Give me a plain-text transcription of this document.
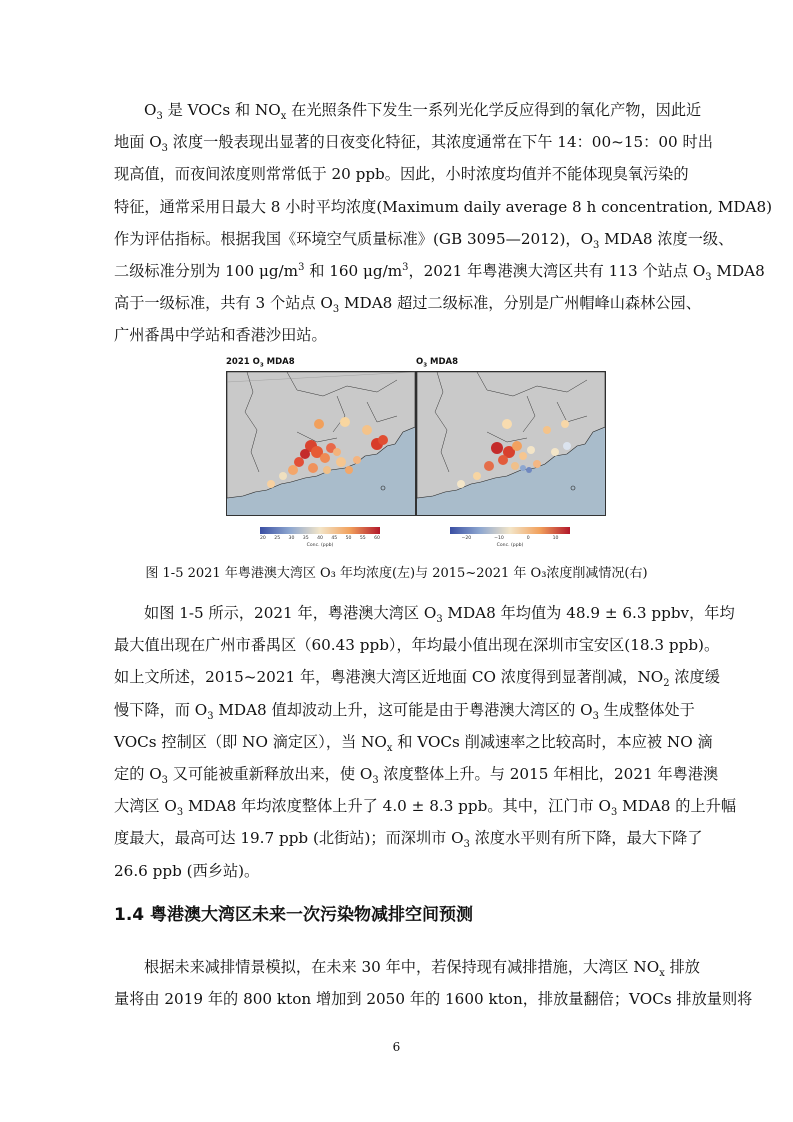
$O_3$ 是 VOCs 和 $NO_x$ 在光照条件下发生一系列光化学反应得到的氧化产物，因此近
地面 $O_3$ 浓度一般表现出显著的日夜变化特征，其浓度通常在下午 14：00~15：00 时出
现高值，而夜间浓度则常常低于 20 ppb。因此，小时浓度均值并不能体现臭氧污染的
特征，通常采用日最大 8 小时平均浓度(Maximum daily average 8 h concentration, MDA8)
作为评估指标。根据我国《环境空气质量标准》(GB 3095—2012)，$O_3$ MDA8 浓度一级、
二级标准分别为 100 $\mu g/m^3$ 和 160 $\mu g/m^3$，2021 年粤港澳大湾区共有 113 个站点 $O_3$ MDA8
高于一级标准，共有 3 个站点 $O_3$ MDA8 超过二级标准，分别是广州帽峰山森林公园、
广州番禺中学站和香港沙田站。
2021 $O_3$ MDA8
20 25 30 35 40 45 50 55 60
Conc. (ppb)
$O_3$ MDA8
−20	−10	0	10
Conc. (ppb)
图 1-5 2021 年粤港澳大湾区 O₃ 年均浓度(左)与 2015~2021 年 O₃浓度削减情况(右)
如图 1-5 所示，2021 年，粤港澳大湾区 $O_3$ MDA8 年均值为 48.9 ± 6.3 ppbv，年均
最大值出现在广州市番禺区（60.43 ppb），年均最小值出现在深圳市宝安区(18.3 ppb)。
如上文所述，2015~2021 年，粤港澳大湾区近地面 CO 浓度得到显著削减，$NO_2$ 浓度缓
慢下降，而 $O_3$ MDA8 值却波动上升，这可能是由于粤港澳大湾区的 $O_3$ 生成整体处于
VOCs 控制区（即 NO 滴定区），当 $NO_x$ 和 VOCs 削减速率之比较高时，本应被 NO 滴
定的 $O_3$ 又可能被重新释放出来，使 $O_3$ 浓度整体上升。与 2015 年相比，2021 年粤港澳
大湾区 $O_3$ MDA8 年均浓度整体上升了 4.0 ± 8.3 ppb。其中，江门市 $O_3$ MDA8 的上升幅
度最大，最高可达 19.7 ppb (北街站)；而深圳市 $O_3$ 浓度水平则有所下降，最大下降了
26.6 ppb (西乡站)。
1.4 粤港澳大湾区未来一次污染物减排空间预测
根据未来减排情景模拟，在未来 30 年中，若保持现有减排措施，大湾区 $NO_x$ 排放
量将由 2019 年的 800 kton 增加到 2050 年的 1600 kton，排放量翻倍；VOCs 排放量则将
6
